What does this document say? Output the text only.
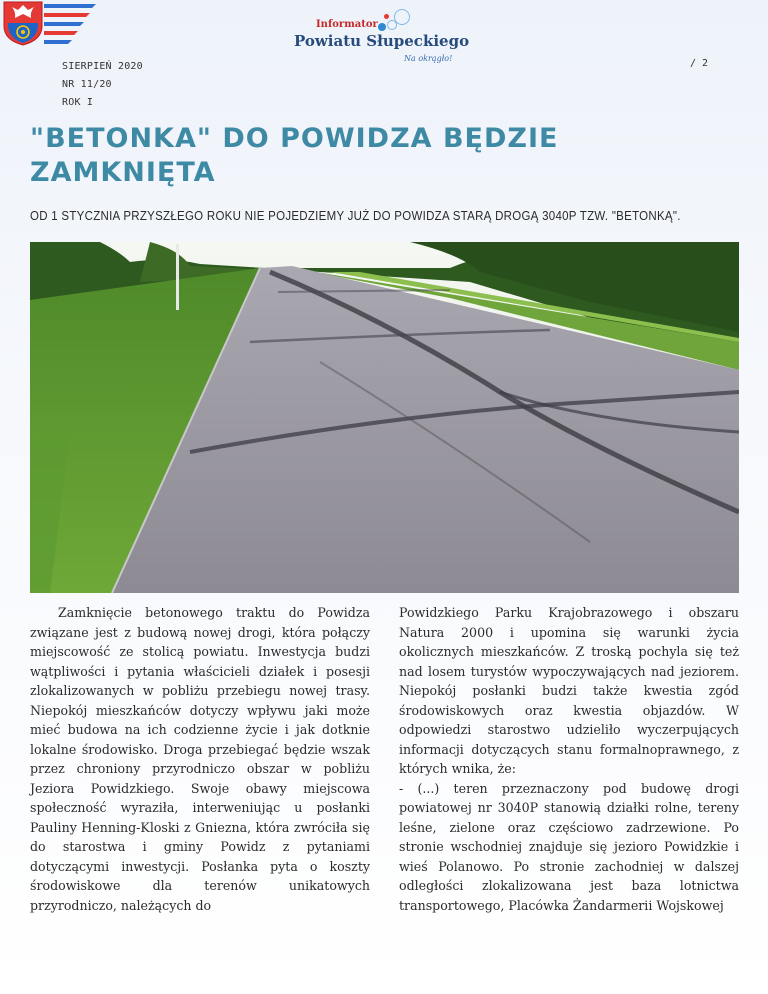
Informator
Powiatu Słupeckiego
Na okrągło!
SIERPIEŃ 2020
NR 11/20
ROK I
/ 2
"BETONKA" DO POWIDZA BĘDZIE ZAMKNIĘTA
OD 1 STYCZNIA PRZYSZŁEGO ROKU NIE POJEDZIEMY JUŻ DO POWIDZA STARĄ DROGĄ 3040P TZW. "BETONKĄ".

Zamknięcie betonowego traktu do Powidza związane jest z budową nowej drogi, która połączy miejscowość ze stolicą powiatu. Inwestycja budzi wątpliwości i pytania właścicieli działek i posesji zlokalizowanych w pobliżu przebiegu nowej trasy. Niepokój mieszkańców dotyczy wpływu jaki może mieć budowa na ich codzienne życie i jak dotknie lokalne środowisko. Droga przebiegać będzie wszak przez chroniony przyrodniczo obszar w pobliżu Jeziora Powidzkiego. Swoje obawy miejscowa społeczność wyraziła, interweniując u posłanki Pauliny Henning-Kloski z Gniezna, która zwróciła się do starostwa i gminy Powidz z pytaniami dotyczącymi inwestycji. Posłanka pyta o koszty środowiskowe dla terenów unikatowych przyrodniczo, należących do

Powidzkiego Parku Krajobrazowego i obszaru Natura 2000 i upomina się warunki życia okolicznych mieszkańców. Z troską pochyla się też nad losem turystów wypoczywających nad jeziorem. Niepokój posłanki budzi także kwestia zgód środowiskowych oraz kwestia objazdów. W odpowiedzi starostwo udzieliło wyczerpujących informacji dotyczących stanu formalnoprawnego, z których wnika, że:

- (...) teren przeznaczony pod budowę drogi powiatowej nr 3040P stanowią działki rolne, tereny leśne, zielone oraz częściowo zadrzewione. Po stronie wschodniej znajduje się jezioro Powidzkie i wieś Polanowo. Po stronie zachodniej w dalszej odległości zlokalizowana jest baza lotnictwa transportowego, Placówka Żandarmerii Wojskowej
